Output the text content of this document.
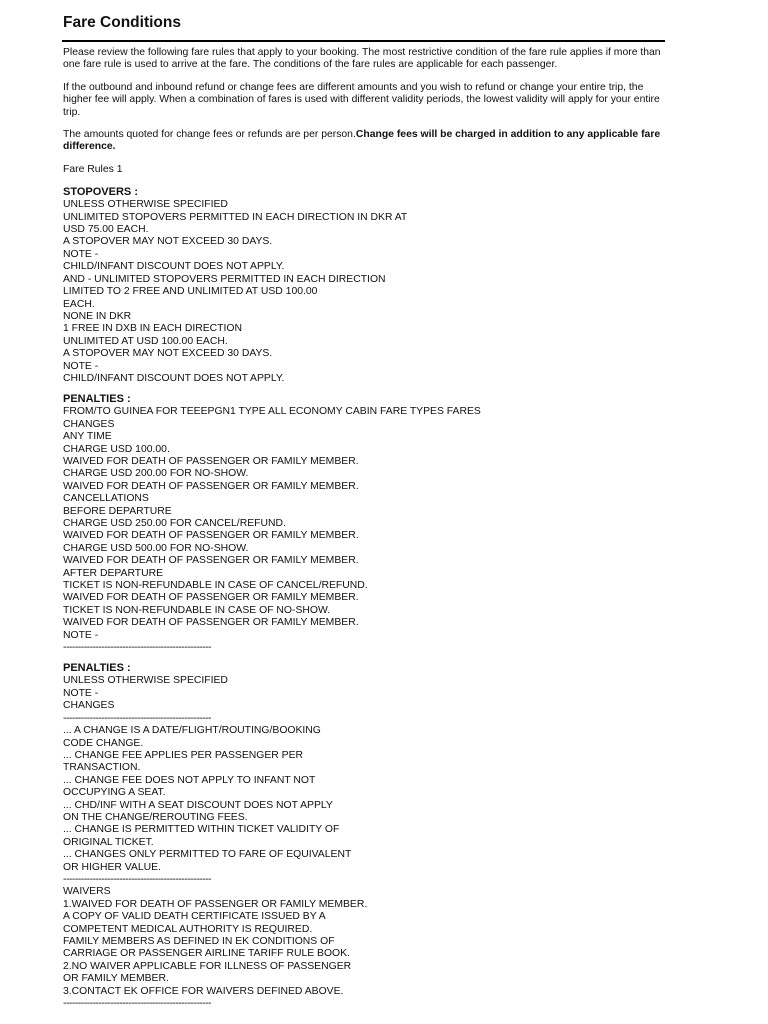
Fare Conditions

Please review the following fare rules that apply to your booking. The most restrictive condition of the fare rule applies if more than one fare rule is used to arrive at the fare. The conditions of the fare rules are applicable for each passenger.

If the outbound and inbound refund or change fees are different amounts and you wish to refund or change your entire trip, the higher fee will apply. When a combination of fares is used with different validity periods, the lowest validity will apply for your entire trip.

The amounts quoted for change fees or refunds are per person.Change fees will be charged in addition to any applicable fare difference.

Fare Rules 1

STOPOVERS :
UNLESS OTHERWISE SPECIFIED
UNLIMITED STOPOVERS PERMITTED IN EACH DIRECTION IN DKR AT
USD 75.00 EACH.
A STOPOVER MAY NOT EXCEED 30 DAYS.
NOTE -
CHILD/INFANT DISCOUNT DOES NOT APPLY.
AND - UNLIMITED STOPOVERS PERMITTED IN EACH DIRECTION
LIMITED TO 2 FREE AND UNLIMITED AT USD 100.00
EACH.
NONE IN DKR
1 FREE IN DXB IN EACH DIRECTION
UNLIMITED AT USD 100.00 EACH.
A STOPOVER MAY NOT EXCEED 30 DAYS.
NOTE -
CHILD/INFANT DISCOUNT DOES NOT APPLY.
PENALTIES :
FROM/TO GUINEA FOR TEEEPGN1 TYPE ALL ECONOMY CABIN FARE TYPES FARES
CHANGES
ANY TIME
CHARGE USD 100.00.
WAIVED FOR DEATH OF PASSENGER OR FAMILY MEMBER.
CHARGE USD 200.00 FOR NO-SHOW.
WAIVED FOR DEATH OF PASSENGER OR FAMILY MEMBER.
CANCELLATIONS
BEFORE DEPARTURE
CHARGE USD 250.00 FOR CANCEL/REFUND.
WAIVED FOR DEATH OF PASSENGER OR FAMILY MEMBER.
CHARGE USD 500.00 FOR NO-SHOW.
WAIVED FOR DEATH OF PASSENGER OR FAMILY MEMBER.
AFTER DEPARTURE
TICKET IS NON-REFUNDABLE IN CASE OF CANCEL/REFUND.
WAIVED FOR DEATH OF PASSENGER OR FAMILY MEMBER.
TICKET IS NON-REFUNDABLE IN CASE OF NO-SHOW.
WAIVED FOR DEATH OF PASSENGER OR FAMILY MEMBER.
NOTE -
--------------------------------------------------
PENALTIES :
UNLESS OTHERWISE SPECIFIED
NOTE -
CHANGES
--------------------------------------------------
... A CHANGE IS A DATE/FLIGHT/ROUTING/BOOKING
CODE CHANGE.
... CHANGE FEE APPLIES PER PASSENGER PER
TRANSACTION.
... CHANGE FEE DOES NOT APPLY TO INFANT NOT
OCCUPYING A SEAT.
... CHD/INF WITH A SEAT DISCOUNT DOES NOT APPLY
ON THE CHANGE/REROUTING FEES.
... CHANGE IS PERMITTED WITHIN TICKET VALIDITY OF
ORIGINAL TICKET.
... CHANGES ONLY PERMITTED TO FARE OF EQUIVALENT
OR HIGHER VALUE.
--------------------------------------------------
WAIVERS
1.WAIVED FOR DEATH OF PASSENGER OR FAMILY MEMBER.
A COPY OF VALID DEATH CERTIFICATE ISSUED BY A
COMPETENT MEDICAL AUTHORITY IS REQUIRED.
FAMILY MEMBERS AS DEFINED IN EK CONDITIONS OF
CARRIAGE OR PASSENGER AIRLINE TARIFF RULE BOOK.
2.NO WAIVER APPLICABLE FOR ILLNESS OF PASSENGER
OR FAMILY MEMBER.
3.CONTACT EK OFFICE FOR WAIVERS DEFINED ABOVE.
--------------------------------------------------
